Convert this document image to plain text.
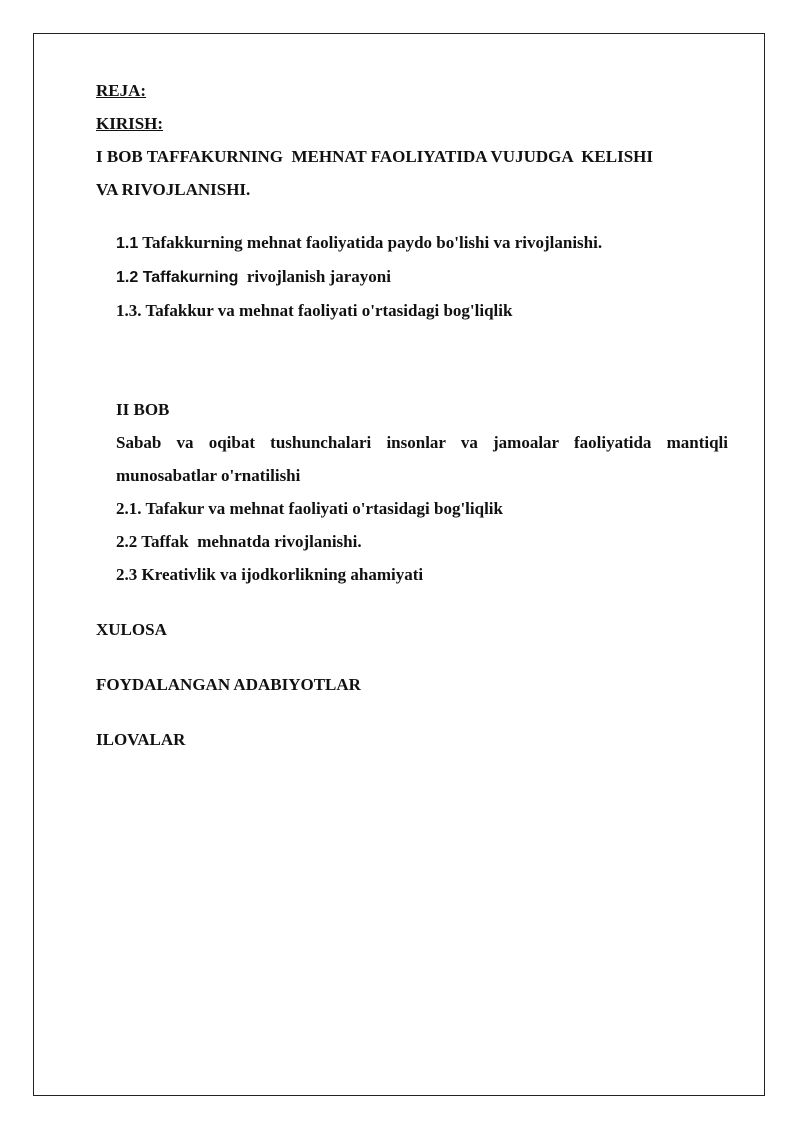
REJA:
KIRISH:
I BOB TAFFAKURNING  MEHNAT FAOLIYATIDA VUJUDGA  KELISHI
VA RIVOJLANISHI.
1.1 Tafakkurning mehnat faoliyatida paydo bo'lishi va rivojlanishi.
1.2 Taffakurning  rivojlanish jarayoni
1.3. Tafakkur va mehnat faoliyati o'rtasidagi bog'liqlik
II BOB
Sabab va oqibat tushunchalari insonlar va jamoalar faoliyatida mantiqli
munosabatlar o'rnatilishi
2.1. Tafakur va mehnat faoliyati o'rtasidagi bog'liqlik
2.2 Taffak  mehnatda rivojlanishi.
2.3 Kreativlik va ijodkorlikning ahamiyati
XULOSA
FOYDALANGAN ADABIYOTLAR
ILOVALAR
